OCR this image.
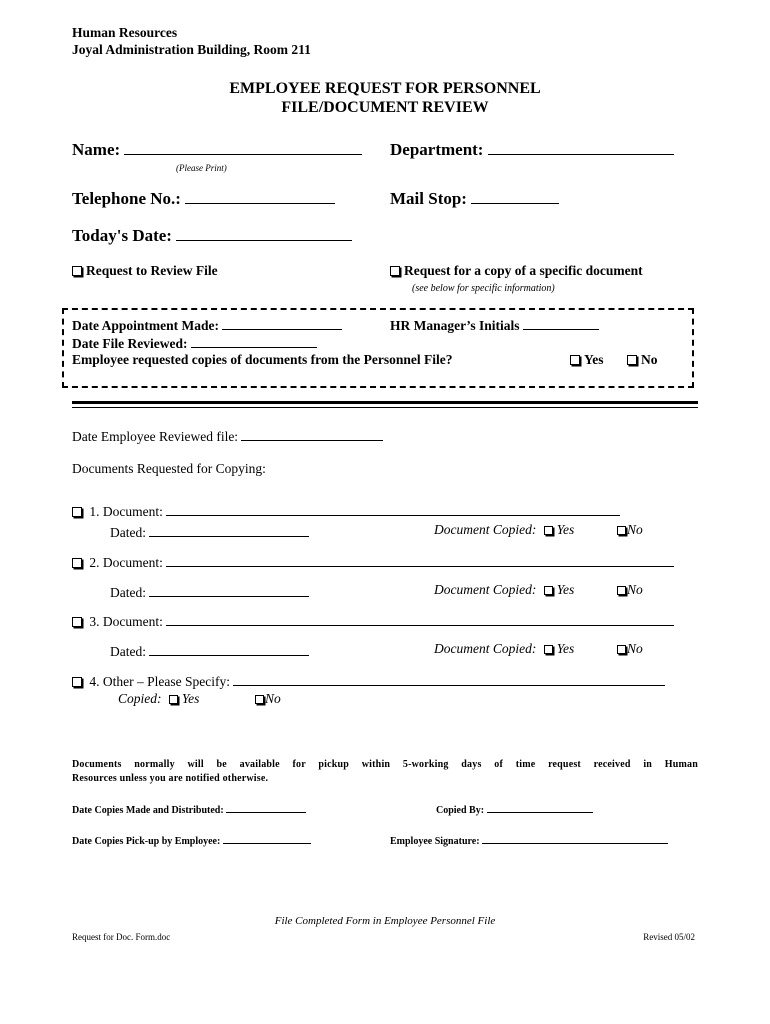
Human Resources
Joyal Administration Building, Room 211
EMPLOYEE REQUEST FOR PERSONNEL
FILE/DOCUMENT REVIEW
Name:
(Please Print)
Department:
Telephone No.:	Mail Stop:
Today's Date:
Request to Review File	Request for a copy of a specific document
(see below for specific information)
Date Appointment Made:	HR Manager’s Initials
Date File Reviewed:
Employee requested copies of documents from the Personnel File?	Yes	No
Date Employee Reviewed file:
Documents Requested for Copying:
1. Document:
Dated:	Document Copied: Yes	No
2. Document:
Dated:	Document Copied: Yes	No
3. Document:
Dated:	Document Copied: Yes	No
4. Other – Please Specify:
Copied: Yes	No
Documents normally will be available for pickup within 5-working days of time request received in Human
Resources unless you are notified otherwise.
Date Copies Made and Distributed:	Copied By:
Date Copies Pick-up by Employee:	Employee Signature:
File Completed Form in Employee Personnel File
Request for Doc. Form.doc	Revised 05/02
